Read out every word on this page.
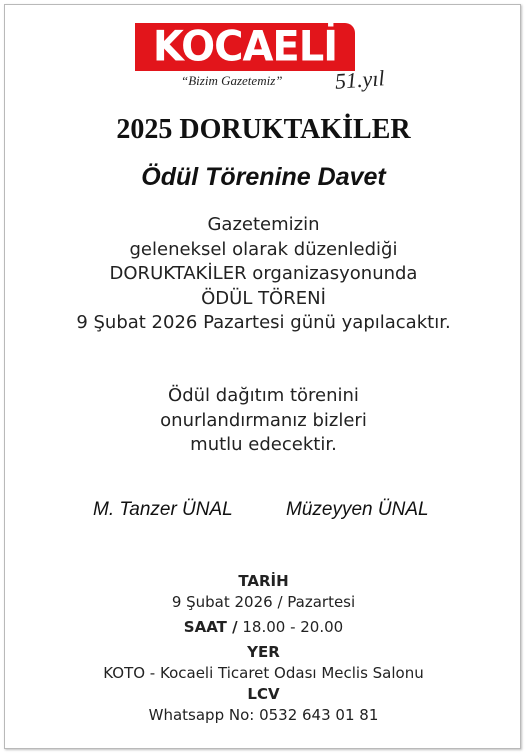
KOCAELİ
“Bizim Gazetemiz” 51.yıl
2025 DORUKTAKİLER
Ödül Törenine Davet
Gazetemizin
geleneksel olarak düzenlediği
DORUKTAKİLER organizasyonunda
ÖDÜL TÖRENİ
9 Şubat 2026 Pazartesi günü yapılacaktır.
Ödül dağıtım törenini
onurlandırmanız bizleri
mutlu edecektir.
M. Tanzer ÜNAL	Müzeyyen ÜNAL
TARİH
9 Şubat 2026 / Pazartesi
SAAT / 18.00 - 20.00
YER
KOTO - Kocaeli Ticaret Odası Meclis Salonu
LCV
Whatsapp No: 0532 643 01 81
